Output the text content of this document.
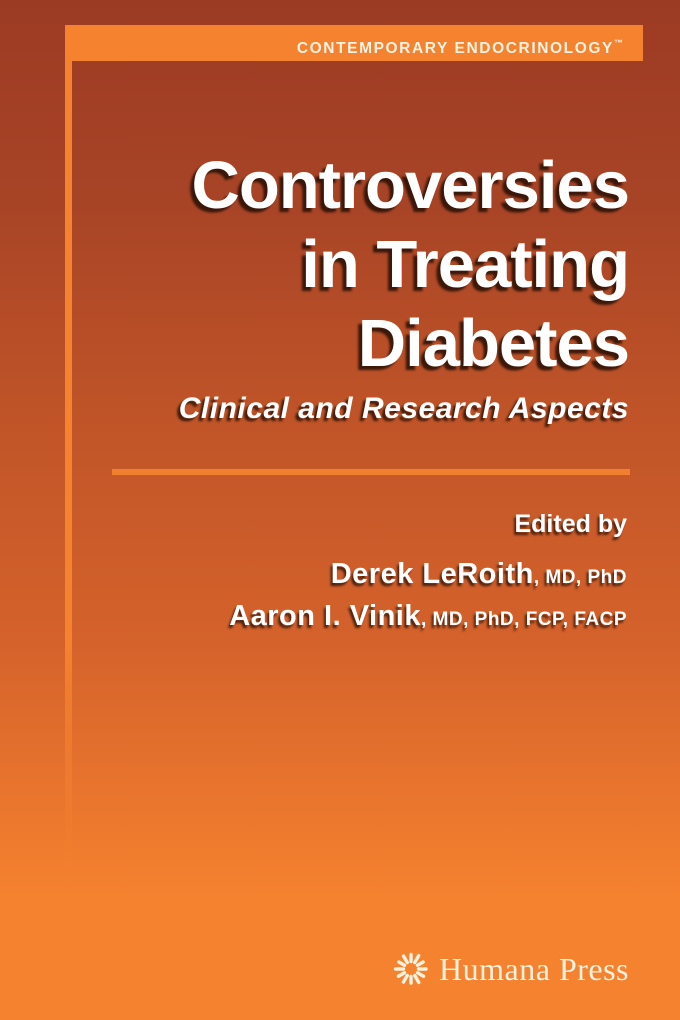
CONTEMPORARY ENDOCRINOLOGY™
Controversies
in Treating
Diabetes
Clinical and Research Aspects
Edited by
Derek LeRoith, MD, PhD
Aaron I. Vinik, MD, PhD, FCP, FACP
Humana Press
